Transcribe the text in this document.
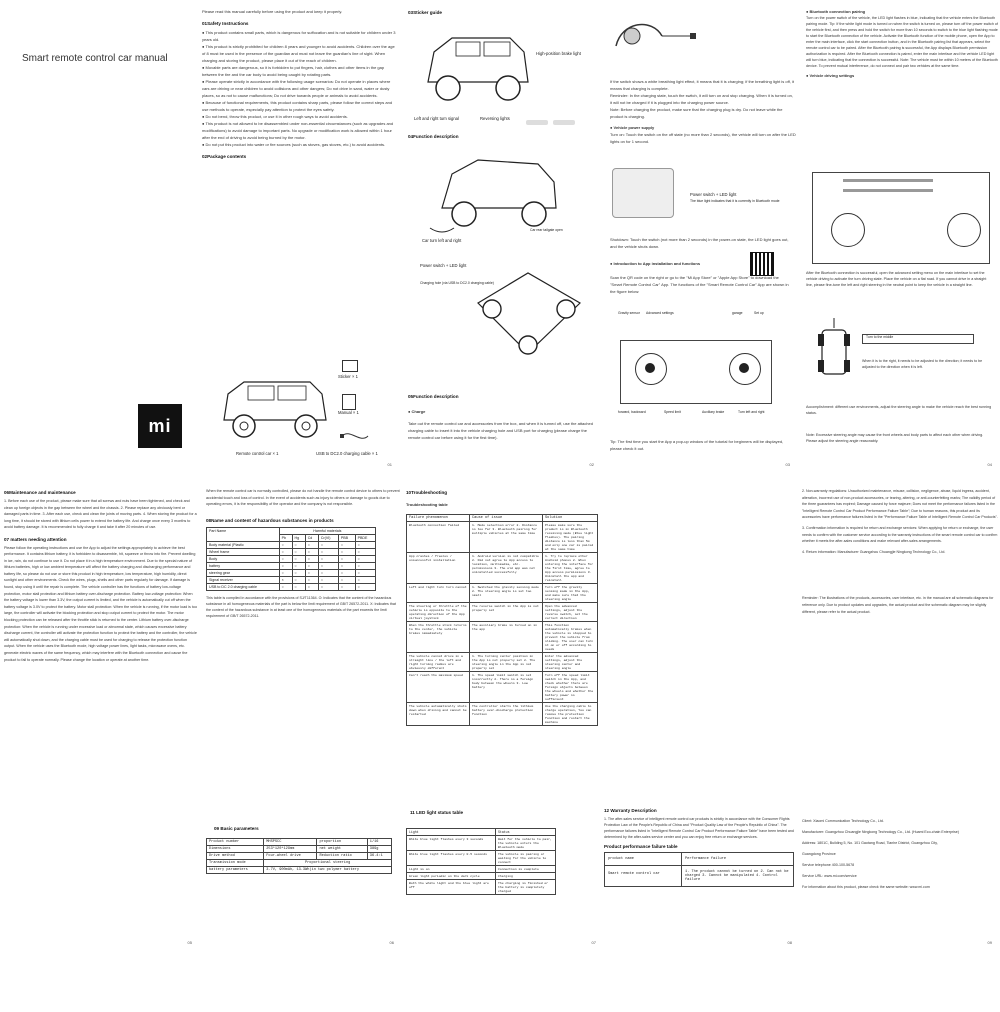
Smart remote control car manual
mi

Please read this manual carefully before using the product and keep it properly.

01Safety Instructions

● This product contains small parts, which is dangerous for suffocation and is not suitable for children under 3 years old.

● This product is strictly prohibited for children 8 years and younger to avoid accidents. Children over the age of 8 must be used in the presence of the guardian and must not leave the guardian's line of sight. When charging and storing the product, please place it out of the reach of children.

● Movable parts are dangerous, so it is forbidden to put fingers, hair, clothes and other items in the gap between the tire and the car body to avoid being caught by rotating parts.

● Please operate strictly in accordance with the following usage scenarios: Do not operate in places where cars are driving or near children to avoid collisions and other dangers; Do not drive in sand, water or dusty places, so as not to cause malfunctions; Do not drive towards people or animals to avoid accidents.

● Because of functional requirements, this product contains sharp parts, please follow the correct steps and use methods to operate, especially pay attention to protect the eyes safety.

● Do not bend, throw this product, or use it in other rough ways to avoid accidents.

● This product is not allowed to be disassembled under non-essential circumstances (such as upgrades and modifications) to avoid damage to important parts. No upgrade or modification work is allowed within 1 hour after the end of driving to avoid being burned by the motor.

● Do not put this product into water or fire sources (such as stoves, gas stoves, etc.) to avoid accidents.

02Package contents
Remote control car × 1
Sticker × 1
Manual × 1
USB to DC2.0 charging cable × 1
01
03Sticker guide
High-position brake light
Left and right turn signal	Reversing lights
04Function description
Car turn left and right
Car rear tailgate open
Power switch + LED light
Charging hole (via USB to DC2.0 charging cable)
05Function description
● Charge

Take out the remote control car and accessories from the box, and when it is turned off, use the attached charging cable to insert it into the vehicle charging hole and USB port for charging (please charge the remote control car before using it for the first time).

02

If the switch shows a white breathing light effect, it means that it is charging; if the breathing light is off, it means that charging is complete.

Reminder: In the charging state, touch the switch, it will turn on and stop charging. When it is turned on, it will not be charged if it is plugged into the charging power source.

Note: Before charging the product, make sure that the charging plug is dry. Do not leave while the product is charging.

● Vehicle power supply

Turn on: Touch the switch on the off state (no more than 2 seconds), the vehicle will turn on after the LED lights on for 1 second.

Power switch + LED light
The blue light indicates that it is currently in Bluetooth mode

Shutdown: Touch the switch (not more than 2 seconds) in the power-on state, the LED light goes out, and the vehicle shuts down.

● Introduction to App installation and functions

Scan the QR code on the right or go to the "Mi App Store" or "Apple App Store" to download the "Smart Remote Control Car" App. The functions of the "Smart Remote Control Car" App are shown in the figure below:

Gravity sensor Advanced settings	garage	Set up
forward, backward	Speed limit	Auxiliary brake	Turn left and right

Tip: The first time you start the App a pop-up window of the tutorial for beginners will be displayed, please check it out.

03
● Bluetooth connection pairing

Turn on the power switch of the vehicle, the LED light flashes in blue, indicating that the vehicle enters the Bluetooth pairing mode. Tip: If the white light mode is turned on when the switch is turned on, please turn off the power switch of the vehicle first, and then press and hold the switch for more than 10 seconds to switch to the blue light flashing mode to start the Bluetooth connection of the vehicle. Activate the Bluetooth function of the mobile phone, open the App to enter the main interface, click the start connection button, and in the Bluetooth pairing list that appears, select the remote control car to be paired. After the Bluetooth pairing is successful, the App displays Bluetooth permission authorization is required. After the Bluetooth connection is paired, enter the main interface and the vehicle LED light will turn blue, indicating that the connection is successful. Note: The vehicle must be within 10 meters of the Bluetooth device. To prevent mutual interference, do not connect and pair two vehicles at the same time.

● Vehicle driving settings

After the Bluetooth connection is successful, open the advanced setting menu on the main interface to set the vehicle driving to activate the turn driving state. Place the vehicle on a flat road. If you cannot drive in a straight line, please fine-tune the left and right steering in the neutral point to keep the vehicle in a straight line.

Turn to the middle

When it is to the right, it needs to be adjusted to the direction; it needs to be adjusted to the direction when it is left.

Accomplishment: different use environments, adjust the steering angle to make the vehicle reach the best running status.

Note: Excessive steering angle may cause the front wheels and body parts to affect each other when driving. Please adjust the steering angle reasonably.

04
06Maintenance and maintenance

1. Before each use of the product, please make sure that all screws and nuts have been tightened, and check and clean up foreign objects in the gap between the wheel and the chassis. 2. Please replace any obviously bent or damaged parts in time. 3. After each use, check and clean the joints of moving parts. 4. When storing the product for a long time, it should be stored with lithium cells power to extend the battery life. And charge once every 3 months to avoid battery damage. It is recommended to fully charge it and take it after 20 minutes of use.

07 matters needing attention

Please follow the operating instructions and use the App to adjust the settings appropriately to achieve the best performance. It contains lithium battery, it is forbidden to disassemble, hit, squeeze or throw into fire. Prevent dwelling in ice, rain, do not continue to use it. Do not place it in a high temperature environment. Due to the special nature of lithium batteries, high or low ambient temperature will affect the battery charging and discharging performance and battery life, so please do not use or store this product in high temperature, low temperature, high humidity, direct sunlight and other environments. Check the wires, plugs, shells and other parts regularly for damage. If damage is found, stop using it until the repair is complete. The vehicle controller has the functions of battery low-voltage protection, motor stall protection and lithium battery over-discharge protection. Battery low-voltage protection: When the battery voltage is lower than 3.3V, the output current is limited, and the vehicle is automatically cut off when the battery voltage is 3.0V to protect the battery. Motor stall protection: When the vehicle is running, if the motor load is too large, the controller will activate the blocking protection and stop output current to protect the motor. The motor blocking protection can be released after the throttle stick is returned to the center. Lithium battery over-discharge protection: When the vehicle is running under excessive load or abnormal state, which causes excessive battery discharge current, the controller will activate the protection function to protect the battery and the controller, the vehicle will automatically shut down, and the charging cable must be used for charging to release the protection function output. When the vehicle uses the Bluetooth mode, high voltage power lines, light tasks, microwave ovens, etc. generate electric waves of the same frequency, which may interfere with the Bluetooth connection and cause the product to fail to operate normally. Please change the location or operate at another time.

05

When the remote control car is normally controlled, please do not handle the remote control device to others to prevent accidental touch and loss of control. In the event of accidents such as injury to others or damage to goods due to operating errors, it is the responsibility of the operator and the company is not responsible.

08Name and content of hazardous substances in products
Part Name	Harmful materials					
	Pb	Hg	Cd	Cr(VI)	PBB	PBDE
Body material (Plastic	○	○	○	○	○	○
Wheel frame	○	○	○	○	○	○
Body	○	○	○	○	○	○
battery	○	○	○	○	○	○
steering gear	○	○	○	○	○	○
Signal receiver	×	○	○	○	○	○
USB to DC 2.0 charging cable	○	○	○	○	○	○

This table is compiled in accordance with the provisions of SJ/T11364. O: Indicates that the content of the hazardous substance in all homogeneous materials of the part is below the limit requirement of GB/T 26572-2011. X: Indicates that the content of the hazardous substance in at least one of the homogeneous materials of the part exceeds the limit requirement of GB/T 26572-2011.

09 Basic parameters
Product number	MHSPSCC	proportion	1/16
Dimensions	253*120*129mm	net weight	389g
Drive method	Four-wheel drive	Reduction ratio	36.4:1
Transmission mode	Proportional steering		
battery parameters	3.7V, 900mAh, 13.3Wh(in two polymer battery		
06
10Troubleshooting
Troubleshooting table
Failure phenomenon	Cause of issue	Solution
Bluetooth connection failed	1. Mode selection error 2. Distance is too far 3. Bluetooth pairing for multiple vehicles at the same time	Please make sure the product is in Bluetooth receiving mode (Blue light flashes). The pairing distance is less than 5m and only one car is paired at the same time
App crashes / freezes / unsuccessful installation	1. Android version is not compatible 2. Did not agree to App access to location, multimedia, etc. permissions 3. The old app was not uninstalled successfully	1. Try to replace other Android phones 2. When entering the interface for the first time, agree to App access permissions 3. Uninstall the app and reinstall
Left and right turn turn cannot	1. Switched the gravity sensing mode 2. The steering angle is set too small	Turn off the gravity sensing mode in the App, and make sure that the steering angle
The steering or throttle of the vehicle is opposite to the operating direction of the App virtual joystick	The reverse switch in the App is not properly set	Open the advanced settings, adjust the reverse switch, set the correct direction
When the throttle stick returns to the center, the vehicle brakes immediately	The auxiliary brake is turned on in the app	This function automatically brakes when the vehicle is stopped to prevent the vehicle from sliding. The user can turn it on or off according to needs
The vehicle cannot drive in a straight line / the left and right turning radius are obviously different	1. The turning center position in the App is not properly set 2. The steering angle in the App is not properly set	Enter the advanced settings, adjust the steering center and steering angle
Can't reach the maximum speed	1. The speed limit switch is set incorrectly 2. There is a foreign body between the wheels 3. Low battery	Turn off the speed limit switch in the App, and check whether there are foreign objects between the wheels and whether the battery power is sufficient
The vehicle automatically shuts down when driving and cannot be restarted	The controller starts the lithium battery over-discharge protection function	Use the charging cable to charge operation, You can remove the protection function and restart the machine
11 LED light status table
Light	Status
White blue light flashes every 3 seconds	Wait for the vehicle to pair, the vehicle enters the Bluetooth mode
White blue light flashes every 0.5 seconds	The vehicle is pairing or waiting for the vehicle to connect
Light is on	Connection is complete
Green light periodic on the dark cycle	Charging
Both the white light and the blue light are off	The charging is finished or the battery is completely charged
07
12 Warranty Description

1. The after-sales service of intelligent remote control car products is strictly in accordance with the Consumer Rights Protection Law of the People's Republic of China and "Product Quality Law of the People's Republic of China". The performance failures listed in "Intelligent Remote Control Car Product Performance Failure Table" have been tested and determined by the after-sales service center and you can enjoy free return or exchange services.

Product performance failure table
product name	Performance failure
Smart remote control car	1. The product cannot be turned on 2. Can not be charged 3. Cannot be manipulated 4. Control failure
08

2. Non-warranty regulations: Unauthorized maintenance, misuse, collision, negligence, abuse, liquid ingress, accident, alteration, incorrect use of non-product accessories, or tearing, altering, or anti-counterfeiting marks; The validity period of the three guarantees has expired; Damage caused by force majeure; Does not meet the performance failures listed in the "Intelligent Remote Control Car Product Performance Failure Table"; Due to human reasons, this product and its accessories have performance failures listed in the "Performance Failure Table of Intelligent Remote Control Car Products".

3. Confirmation information is required for return and exchange services: When applying for return or exchange, the user needs to confirm with the customer service according to the warranty instructions of the smart remote control car to confirm whether it meets the after-sales conditions and make relevant after-sales arrangements.

4. Return information: Manufacturer Guangzhou Chuangjie Ningkong Technology Co., Ltd.

Reminder: The illustrations of the products, accessories, user interface, etc. in the manual are all schematic diagrams for reference only. Due to product updates and upgrades, the actual product and the schematic diagram may be slightly different, please refer to the actual product.

Client: Xiaomi Communication Technology Co., Ltd.

Manufacturer: Guangzhou Chuangjie Ningkong Technology Co., Ltd. (Huami Eco-chain Enterprise)

Address: 1801C, Building 5, No. 101 Gaotang Road, Tianhe District, Guangzhou City,

Guangdong Province

Service telephone 400-100-5678

Service URL: www.mi.com/service

For information about this product, please check the same website: www.mi.com

09
